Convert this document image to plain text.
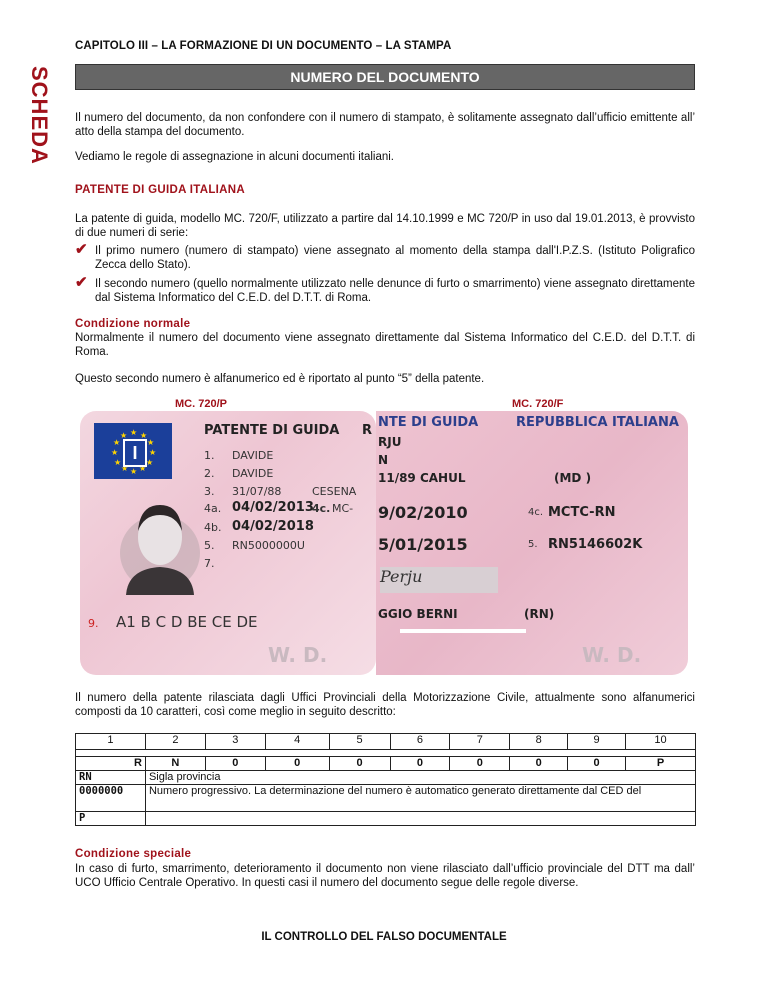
CAPITOLO III – LA FORMAZIONE DI UN DOCUMENTO – LA STAMPA
SCHEDA	NUMERO DEL DOCUMENTO
Il numero del documento, da non confondere con il numero di stampato, è solitamente assegnato dall’ufficio emittente all’ atto della stampa del documento.
Vediamo le regole di assegnazione in alcuni documenti italiani.
PATENTE DI GUIDA ITALIANA
La patente di guida, modello MC. 720/F, utilizzato a partire dal 14.10.1999 e MC 720/P in uso dal 19.01.2013, è provvisto di due numeri di serie:
✔ Il primo numero (numero di stampato) viene assegnato al momento della stampa dall'I.P.Z.S. (Istituto Poligrafico Zecca dello Stato).
✔ Il secondo numero (quello normalmente utilizzato nelle denunce di furto o smarrimento) viene assegnato direttamente dal Sistema Informatico del C.E.D. del D.T.T. di Roma.
Condizione normale
Normalmente il numero del documento viene assegnato direttamente dal Sistema Informatico del C.E.D. del D.T.T. di Roma.
Questo secondo numero è alfanumerico ed è riportato al punto “5” della patente.
MC. 720/P	MC. 720/F
★ ★
★
★
★
★
★
★
★
★
★
★
I
PATENTE DI GUIDA R
1. DAVIDE
2. DAVIDE
3. 31/07/88	CESENA
4a. 04/02/2013
4c. MC-
4b. 04/02/2018
5. RN5000000U
7.
9. A1 B C D BE CE DE
W. D.
NTE DI GUIDA	REPUBBLICA ITALIANA
RJU
N
11/89 CAHUL	(MD )
9/02/2010	4c. MCTC-RN
5/01/2015	5. RN5146602K
Perju
GGIO BERNI	(RN)
W. D.
Il numero della patente rilasciata dagli Uffici Provinciali della Motorizzazione Civile, attualmente sono alfanumerici composti da 10 caratteri, così come meglio in seguito descritto:
1	2	3	4	5	6	7	8	9	10

R	N	0	0	0	0	0	0	0	P
RN	Sigla provincia								
0000000	Numero progressivo. La determinazione del numero è automatico generato direttamente dal CED del								
P									
Condizione speciale
In caso di furto, smarrimento, deterioramento il documento non viene rilasciato dall’ufficio provinciale del DTT ma dall’ UCO Ufficio Centrale Operativo. In questi casi il numero del documento segue delle regole diverse.
IL CONTROLLO DEL FALSO DOCUMENTALE
